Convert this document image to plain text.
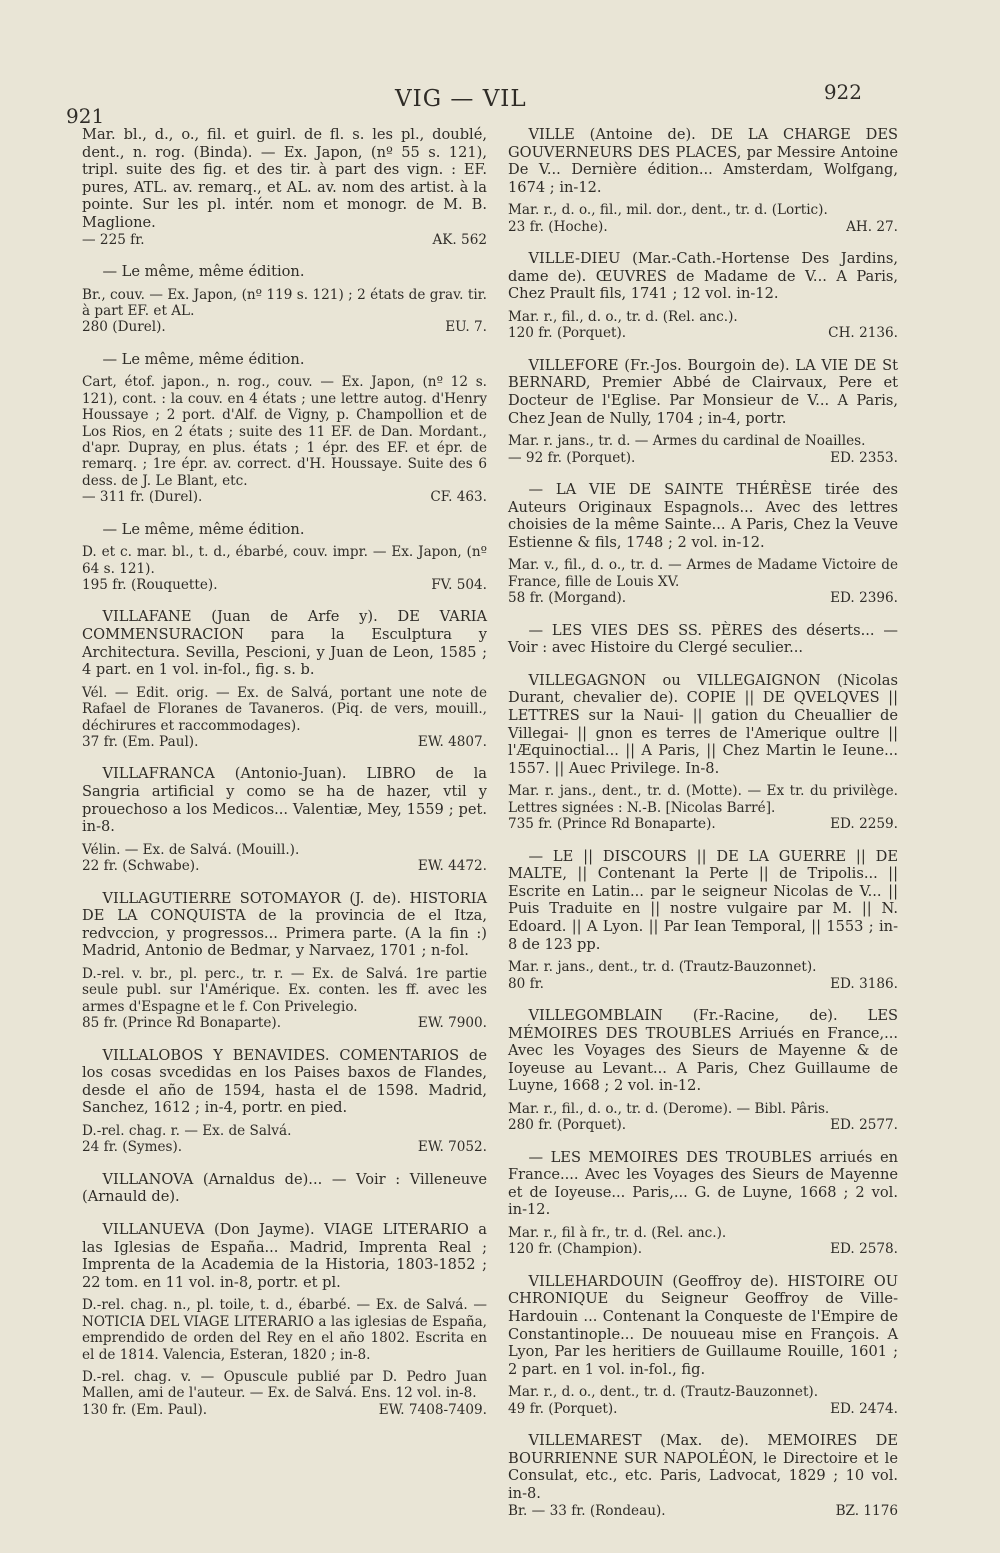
921
VIG — VIL	922

Mar. bl., d., o., fil. et guirl. de fl. s. les pl., doublé, dent., n. rog. (Binda). — Ex. Japon, (nº 55 s. 121), tripl. suite des fig. et des tir. à part des vign. : EF. pures, ATL. av. remarq., et AL. av. nom des artist. à la pointe. Sur les pl. intér. nom et monogr. de M. B. Maglione.

— 225 fr.	AK. 562

— Le même, même édition.

Br., couv. — Ex. Japon, (nº 119 s. 121) ; 2 états de grav. tir. à part EF. et AL.

280 (Durel).	EU. 7.

— Le même, même édition.

Cart, étof. japon., n. rog., couv. — Ex. Japon, (nº 12 s. 121), cont. : la couv. en 4 états ; une lettre autog. d'Henry Houssaye ; 2 port. d'Alf. de Vigny, p. Champollion et de Los Rios, en 2 états ; suite des 11 EF. de Dan. Mordant., d'apr. Dupray, en plus. états ; 1 épr. des EF. et épr. de remarq. ; 1re épr. av. correct. d'H. Houssaye. Suite des 6 dess. de J. Le Blant, etc.

— 311 fr. (Durel).	CF. 463.

— Le même, même édition.

D. et c. mar. bl., t. d., ébarbé, couv. impr. — Ex. Japon, (nº 64 s. 121).

195 fr. (Rouquette).	FV. 504.

VILLAFANE (Juan de Arfe y). DE VARIA COMMENSURACION para la Esculptura y Architectura. Sevilla, Pescioni, y Juan de Leon, 1585 ; 4 part. en 1 vol. in-fol., fig. s. b.

Vél. — Edit. orig. — Ex. de Salvá, portant une note de Rafael de Floranes de Tavaneros. (Piq. de vers, mouill., déchirures et raccommodages).

37 fr. (Em. Paul).	EW. 4807.

VILLAFRANCA (Antonio-Juan). LIBRO de la Sangria artificial y como se ha de hazer, vtil y prouechoso a los Medicos... Valentiæ, Mey, 1559 ; pet. in-8.

Vélin. — Ex. de Salvá. (Mouill.).

22 fr. (Schwabe).	EW. 4472.

VILLAGUTIERRE SOTOMAYOR (J. de). HISTORIA DE LA CONQUISTA de la provincia de el Itza, redvccion, y progressos... Primera parte. (A la fin :) Madrid, Antonio de Bedmar, y Narvaez, 1701 ; n-fol.

D.-rel. v. br., pl. perc., tr. r. — Ex. de Salvá. 1re partie seule publ. sur l'Amérique. Ex. conten. les ff. avec les armes d'Espagne et le f. Con Privelegio.

85 fr. (Prince Rd Bonaparte).	EW. 7900.

VILLALOBOS Y BENAVIDES. COMENTARIOS de los cosas svcedidas en los Paises baxos de Flandes, desde el año de 1594, hasta el de 1598. Madrid, Sanchez, 1612 ; in-4, portr. en pied.

D.-rel. chag. r. — Ex. de Salvá.

24 fr. (Symes).	EW. 7052.

VILLANOVA (Arnaldus de)... — Voir : Villeneuve (Arnauld de).

VILLANUEVA (Don Jayme). VIAGE LITERARIO a las Iglesias de España... Madrid, Imprenta Real ; Imprenta de la Academia de la Historia, 1803-1852 ; 22 tom. en 11 vol. in-8, portr. et pl.

D.-rel. chag. n., pl. toile, t. d., ébarbé. — Ex. de Salvá. — NOTICIA DEL VIAGE LITERARIO a las iglesias de España, emprendido de orden del Rey en el año 1802. Escrita en el de 1814. Valencia, Esteran, 1820 ; in-8.

D.-rel. chag. v. — Opuscule publié par D. Pedro Juan Mallen, ami de l'auteur. — Ex. de Salvá. Ens. 12 vol. in-8.

130 fr. (Em. Paul).	EW. 7408-7409.

VILLE (Antoine de). DE LA CHARGE DES GOUVERNEURS DES PLACES, par Messire Antoine De V... Dernière édition... Amsterdam, Wolfgang, 1674 ; in-12.

Mar. r., d. o., fil., mil. dor., dent., tr. d. (Lortic).

23 fr. (Hoche).	AH. 27.

VILLE-DIEU (Mar.-Cath.-Hortense Des Jardins, dame de). ŒUVRES de Madame de V... A Paris, Chez Prault fils, 1741 ; 12 vol. in-12.

Mar. r., fil., d. o., tr. d. (Rel. anc.).

120 fr. (Porquet).	CH. 2136.

VILLEFORE (Fr.-Jos. Bourgoin de). LA VIE DE St BERNARD, Premier Abbé de Clairvaux, Pere et Docteur de l'Eglise. Par Monsieur de V... A Paris, Chez Jean de Nully, 1704 ; in-4, portr.

Mar. r. jans., tr. d. — Armes du cardinal de Noailles.

— 92 fr. (Porquet).	ED. 2353.

— LA VIE DE SAINTE THÉRÈSE tirée des Auteurs Originaux Espagnols... Avec des lettres choisies de la même Sainte... A Paris, Chez la Veuve Estienne & fils, 1748 ; 2 vol. in-12.

Mar. v., fil., d. o., tr. d. — Armes de Madame Victoire de France, fille de Louis XV.

58 fr. (Morgand).	ED. 2396.

— LES VIES DES SS. PÈRES des déserts... — Voir : avec Histoire du Clergé seculier...

VILLEGAGNON ou VILLEGAIGNON (Nicolas Durant, chevalier de). COPIE || DE QVELQVES || LETTRES sur la Naui- || gation du Cheuallier de Villegai- || gnon es terres de l'Amerique oultre || l'Æquinoctial... || A Paris, || Chez Martin le Ieune... 1557. || Auec Privilege. In-8.

Mar. r. jans., dent., tr. d. (Motte). — Ex tr. du privilège. Lettres signées : N.-B. [Nicolas Barré].

735 fr. (Prince Rd Bonaparte).	ED. 2259.

— LE || DISCOURS || DE LA GUERRE || DE MALTE, || Contenant la Perte || de Tripolis... || Escrite en Latin... par le seigneur Nicolas de V... || Puis Traduite en || nostre vulgaire par M. || N. Edoard. || A Lyon. || Par Iean Temporal, || 1553 ; in-8 de 123 pp.

Mar. r. jans., dent., tr. d. (Trautz-Bauzonnet).

80 fr.	ED. 3186.

VILLEGOMBLAIN (Fr.-Racine, de). LES MÉMOIRES DES TROUBLES Arriués en France,... Avec les Voyages des Sieurs de Mayenne & de Ioyeuse au Levant... A Paris, Chez Guillaume de Luyne, 1668 ; 2 vol. in-12.

Mar. r., fil., d. o., tr. d. (Derome). — Bibl. Pâris.

280 fr. (Porquet).	ED. 2577.

— LES MEMOIRES DES TROUBLES arriués en France.... Avec les Voyages des Sieurs de Mayenne et de Ioyeuse... Paris,... G. de Luyne, 1668 ; 2 vol. in-12.

Mar. r., fil à fr., tr. d. (Rel. anc.).

120 fr. (Champion).	ED. 2578.

VILLEHARDOUIN (Geoffroy de). HISTOIRE OU CHRONIQUE du Seigneur Geoffroy de Ville-Hardouin ... Contenant la Conqueste de l'Empire de Constantinople... De nouueau mise en François. A Lyon, Par les heritiers de Guillaume Rouille, 1601 ; 2 part. en 1 vol. in-fol., fig.

Mar. r., d. o., dent., tr. d. (Trautz-Bauzonnet).

49 fr. (Porquet).	ED. 2474.

VILLEMAREST (Max. de). MEMOIRES DE BOURRIENNE SUR NAPOLÉON, le Directoire et le Consulat, etc., etc. Paris, Ladvocat, 1829 ; 10 vol. in-8.

Br. — 33 fr. (Rondeau).	BZ. 1176
